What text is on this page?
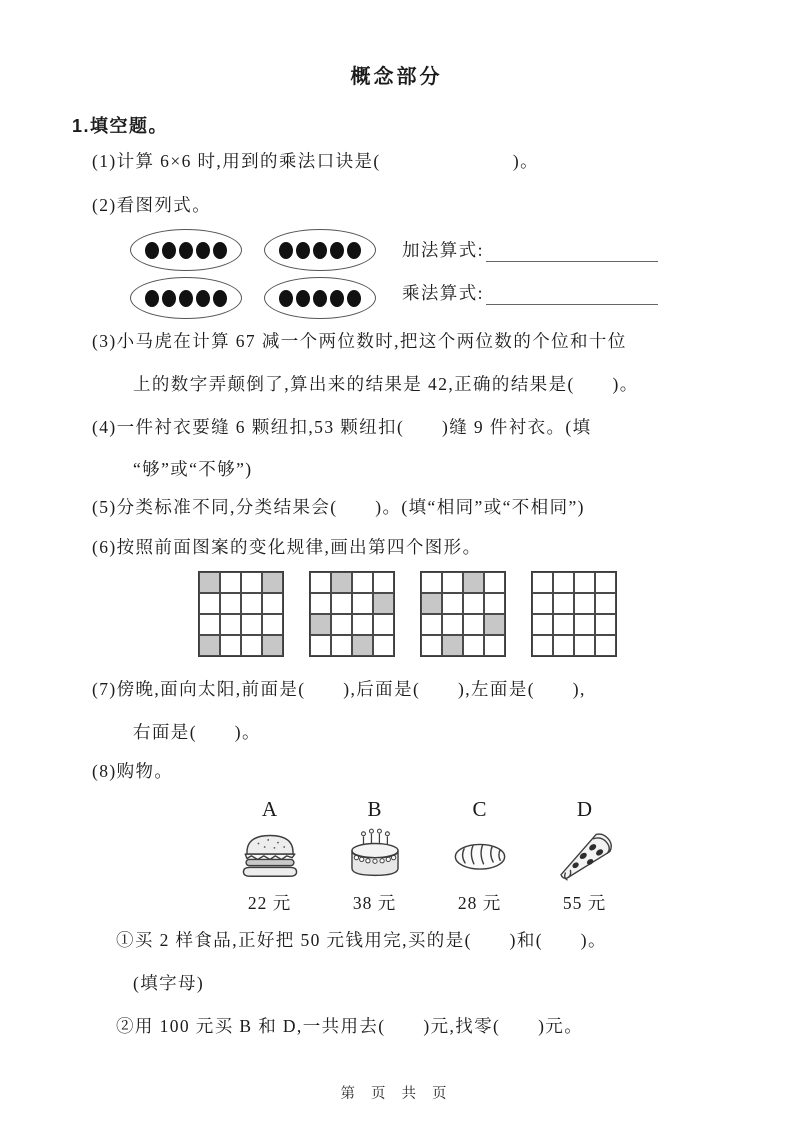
概念部分
1.填空题。
(1)计算 6×6 时,用到的乘法口诀是(　　　　　　　)。
(2)看图列式。
加法算式:
乘法算式:
(3)小马虎在计算 67 减一个两位数时,把这个两位数的个位和十位
上的数字弄颠倒了,算出来的结果是 42,正确的结果是(　　)。
(4)一件衬衣要缝 6 颗纽扣,53 颗纽扣(　　)缝 9 件衬衣。(填
“够”或“不够”)
(5)分类标准不同,分类结果会(　　)。(填“相同”或“不相同”)
(6)按照前面图案的变化规律,画出第四个图形。
(7)傍晚,面向太阳,前面是(　　),后面是(　　),左面是(　　),
右面是(　　)。
(8)购物。
A
22 元
B
38 元
C
28 元
D
55 元
①买 2 样食品,正好把 50 元钱用完,买的是(　　)和(　　)。
(填字母)
②用 100 元买 B 和 D,一共用去(　　)元,找零(　　)元。
第 页 共 页
